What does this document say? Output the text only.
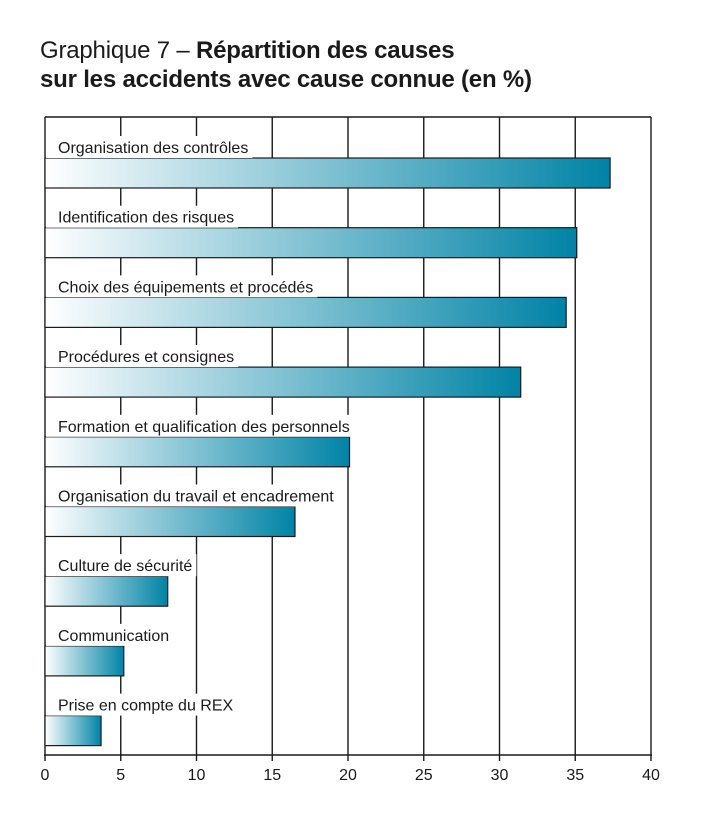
Graphique 7 – Répartition des causes
sur les accidents avec cause connue (en %)
Organisation des contrôles
Identification des risques
Choix des équipements et procédés
Procédures et consignes
Formation et qualification des personnels
Organisation du travail et encadrement
Culture de sécurité
Communication
Prise en compte du REX
0	5	10	15	20	25	30	35	40
